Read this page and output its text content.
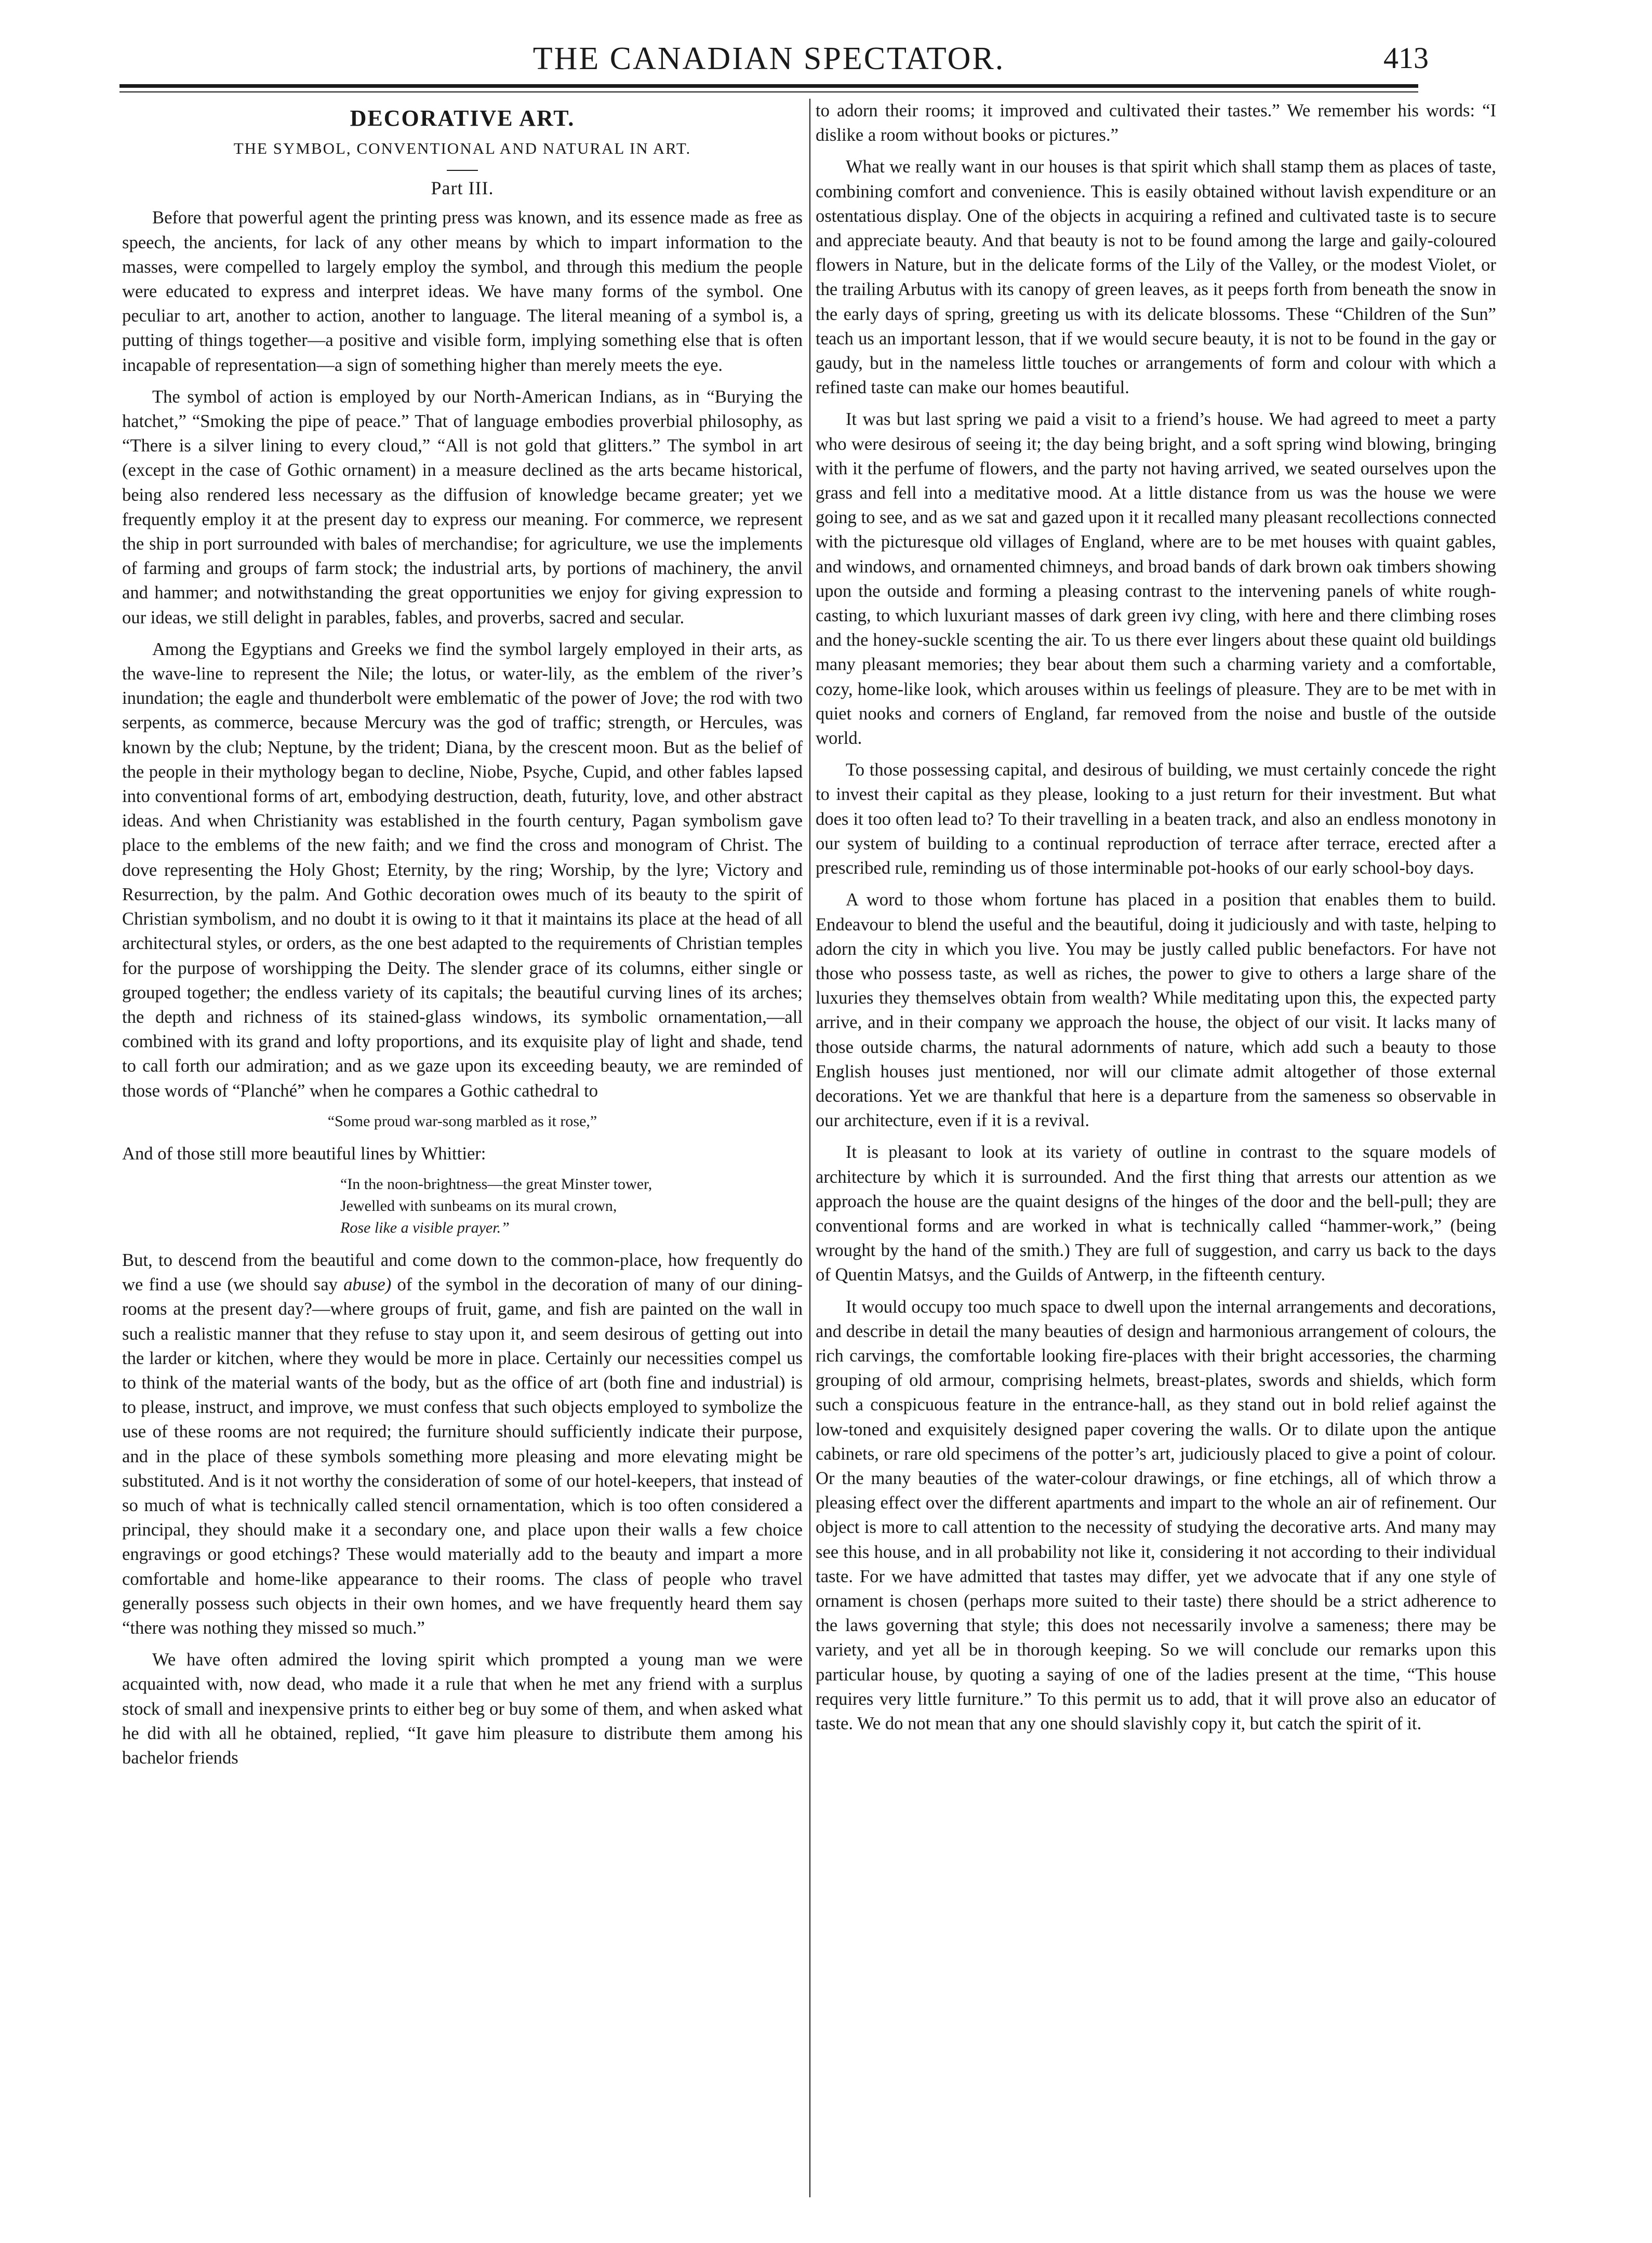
THE CANADIAN SPECTATOR.	413
DECORATIVE ART.
THE SYMBOL, CONVENTIONAL AND NATURAL IN ART.
Part III.

Before that powerful agent the printing press was known, and its essence made as free as speech, the ancients, for lack of any other means by which to impart information to the masses, were compelled to largely employ the symbol, and through this medium the people were educated to express and interpret ideas. We have many forms of the symbol. One peculiar to art, another to action, another to language. The literal meaning of a symbol is, a putting of things together—a positive and visible form, implying something else that is often incapable of representation—a sign of something higher than merely meets the eye.

The symbol of action is employed by our North-American Indians, as in “Burying the hatchet,” “Smoking the pipe of peace.” That of language embodies proverbial philosophy, as “There is a silver lining to every cloud,” “All is not gold that glitters.” The symbol in art (except in the case of Gothic ornament) in a measure declined as the arts became historical, being also rendered less necessary as the diffusion of knowledge became greater; yet we frequently employ it at the present day to express our meaning. For commerce, we represent the ship in port surrounded with bales of merchandise; for agriculture, we use the implements of farming and groups of farm stock; the industrial arts, by portions of machinery, the anvil and hammer; and notwithstanding the great opportunities we enjoy for giving expression to our ideas, we still delight in parables, fables, and proverbs, sacred and secular.

Among the Egyptians and Greeks we find the symbol largely employed in their arts, as the wave-line to represent the Nile; the lotus, or water-lily, as the emblem of the river’s inundation; the eagle and thunderbolt were emblematic of the power of Jove; the rod with two serpents, as commerce, because Mercury was the god of traffic; strength, or Hercules, was known by the club; Neptune, by the trident; Diana, by the crescent moon. But as the belief of the people in their mythology began to decline, Niobe, Psyche, Cupid, and other fables lapsed into conventional forms of art, embodying destruction, death, futurity, love, and other abstract ideas. And when Christianity was established in the fourth century, Pagan symbolism gave place to the emblems of the new faith; and we find the cross and monogram of Christ. The dove representing the Holy Ghost; Eternity, by the ring; Worship, by the lyre; Victory and Resurrection, by the palm. And Gothic decoration owes much of its beauty to the spirit of Christian symbolism, and no doubt it is owing to it that it maintains its place at the head of all architectural styles, or orders, as the one best adapted to the requirements of Christian temples for the purpose of worshipping the Deity. The slender grace of its columns, either single or grouped together; the endless variety of its capitals; the beautiful curving lines of its arches; the depth and richness of its stained-glass windows, its symbolic ornamentation,—all combined with its grand and lofty proportions, and its exquisite play of light and shade, tend to call forth our admiration; and as we gaze upon its exceeding beauty, we are reminded of those words of “Planché” when he compares a Gothic cathedral to

“Some proud war-song marbled as it rose,”

And of those still more beautiful lines by Whittier:

“In the noon-brightness—the great Minster tower,
Jewelled with sunbeams on its mural crown,
Rose like a visible prayer.”

But, to descend from the beautiful and come down to the common-place, how frequently do we find a use (we should say abuse) of the symbol in the decoration of many of our dining-rooms at the present day?—where groups of fruit, game, and fish are painted on the wall in such a realistic manner that they refuse to stay upon it, and seem desirous of getting out into the larder or kitchen, where they would be more in place. Certainly our necessities compel us to think of the material wants of the body, but as the office of art (both fine and industrial) is to please, instruct, and improve, we must confess that such objects employed to symbolize the use of these rooms are not required; the furniture should sufficiently indicate their purpose, and in the place of these symbols something more pleasing and more elevating might be substituted. And is it not worthy the consideration of some of our hotel-keepers, that instead of so much of what is technically called stencil ornamentation, which is too often considered a principal, they should make it a secondary one, and place upon their walls a few choice engravings or good etchings? These would materially add to the beauty and impart a more comfortable and home-like appearance to their rooms. The class of people who travel generally possess such objects in their own homes, and we have frequently heard them say “there was nothing they missed so much.”

We have often admired the loving spirit which prompted a young man we were acquainted with, now dead, who made it a rule that when he met any friend with a surplus stock of small and inexpensive prints to either beg or buy some of them, and when asked what he did with all he obtained, replied, “It gave him pleasure to distribute them among his bachelor friends

to adorn their rooms; it improved and cultivated their tastes.” We remember his words: “I dislike a room without books or pictures.”

What we really want in our houses is that spirit which shall stamp them as places of taste, combining comfort and convenience. This is easily obtained without lavish expenditure or an ostentatious display. One of the objects in acquiring a refined and cultivated taste is to secure and appreciate beauty. And that beauty is not to be found among the large and gaily-coloured flowers in Nature, but in the delicate forms of the Lily of the Valley, or the modest Violet, or the trailing Arbutus with its canopy of green leaves, as it peeps forth from beneath the snow in the early days of spring, greeting us with its delicate blossoms. These “Children of the Sun” teach us an important lesson, that if we would secure beauty, it is not to be found in the gay or gaudy, but in the nameless little touches or arrangements of form and colour with which a refined taste can make our homes beautiful.

It was but last spring we paid a visit to a friend’s house. We had agreed to meet a party who were desirous of seeing it; the day being bright, and a soft spring wind blowing, bringing with it the perfume of flowers, and the party not having arrived, we seated ourselves upon the grass and fell into a meditative mood. At a little distance from us was the house we were going to see, and as we sat and gazed upon it it recalled many pleasant recollections connected with the picturesque old villages of England, where are to be met houses with quaint gables, and windows, and ornamented chimneys, and broad bands of dark brown oak timbers showing upon the outside and forming a pleasing contrast to the intervening panels of white rough-casting, to which luxuriant masses of dark green ivy cling, with here and there climbing roses and the honey-suckle scenting the air. To us there ever lingers about these quaint old buildings many pleasant memories; they bear about them such a charming variety and a comfortable, cozy, home-like look, which arouses within us feelings of pleasure. They are to be met with in quiet nooks and corners of England, far removed from the noise and bustle of the outside world.

To those possessing capital, and desirous of building, we must certainly concede the right to invest their capital as they please, looking to a just return for their investment. But what does it too often lead to? To their travelling in a beaten track, and also an endless monotony in our system of building to a continual reproduction of terrace after terrace, erected after a prescribed rule, reminding us of those interminable pot-hooks of our early school-boy days.

A word to those whom fortune has placed in a position that enables them to build. Endeavour to blend the useful and the beautiful, doing it judiciously and with taste, helping to adorn the city in which you live. You may be justly called public benefactors. For have not those who possess taste, as well as riches, the power to give to others a large share of the luxuries they themselves obtain from wealth? While meditating upon this, the expected party arrive, and in their company we approach the house, the object of our visit. It lacks many of those outside charms, the natural adornments of nature, which add such a beauty to those English houses just mentioned, nor will our climate admit altogether of those external decorations. Yet we are thankful that here is a departure from the sameness so observable in our architecture, even if it is a revival.

It is pleasant to look at its variety of outline in contrast to the square models of architecture by which it is surrounded. And the first thing that arrests our attention as we approach the house are the quaint designs of the hinges of the door and the bell-pull; they are conventional forms and are worked in what is technically called “hammer-work,” (being wrought by the hand of the smith.) They are full of suggestion, and carry us back to the days of Quentin Matsys, and the Guilds of Antwerp, in the fifteenth century.

It would occupy too much space to dwell upon the internal arrangements and decorations, and describe in detail the many beauties of design and harmonious arrangement of colours, the rich carvings, the comfortable looking fire-places with their bright accessories, the charming grouping of old armour, comprising helmets, breast-plates, swords and shields, which form such a conspicuous feature in the entrance-hall, as they stand out in bold relief against the low-toned and exquisitely designed paper covering the walls. Or to dilate upon the antique cabinets, or rare old specimens of the potter’s art, judiciously placed to give a point of colour. Or the many beauties of the water-colour drawings, or fine etchings, all of which throw a pleasing effect over the different apartments and impart to the whole an air of refinement. Our object is more to call attention to the necessity of studying the decorative arts. And many may see this house, and in all probability not like it, considering it not according to their individual taste. For we have admitted that tastes may differ, yet we advocate that if any one style of ornament is chosen (perhaps more suited to their taste) there should be a strict adherence to the laws governing that style; this does not necessarily involve a sameness; there may be variety, and yet all be in thorough keeping. So we will conclude our remarks upon this particular house, by quoting a saying of one of the ladies present at the time, “This house requires very little furniture.” To this permit us to add, that it will prove also an educator of taste. We do not mean that any one should slavishly copy it, but catch the spirit of it.
